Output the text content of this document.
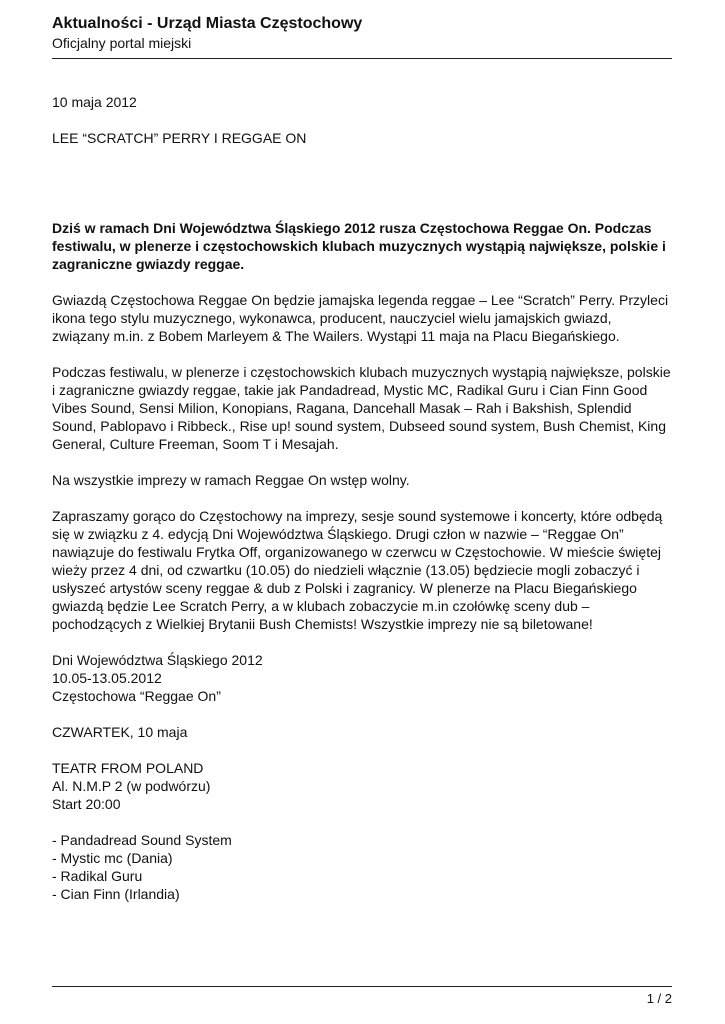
Aktualności - Urząd Miasta Częstochowy

Oficjalny portal miejski

10 maja 2012

LEE “SCRATCH” PERRY I REGGAE ON

Dziś w ramach Dni Województwa Śląskiego 2012 rusza Częstochowa Reggae On. Podczas festiwalu, w plenerze i częstochowskich klubach muzycznych wystąpią największe, polskie i zagraniczne gwiazdy reggae.

Gwiazdą Częstochowa Reggae On będzie jamajska legenda reggae – Lee “Scratch” Perry. Przyleci ikona tego stylu muzycznego, wykonawca, producent, nauczyciel wielu jamajskich gwiazd, związany m.in. z Bobem Marleyem & The Wailers. Wystąpi 11 maja na Placu Biegańskiego.

Podczas festiwalu, w plenerze i częstochowskich klubach muzycznych wystąpią największe, polskie i zagraniczne gwiazdy reggae, takie jak Pandadread, Mystic MC, Radikal Guru i Cian Finn Good Vibes Sound, Sensi Milion, Konopians, Ragana, Dancehall Masak – Rah i Bakshish, Splendid Sound, Pablopavo i Ribbeck., Rise up! sound system, Dubseed sound system, Bush Chemist, King General, Culture Freeman, Soom T i Mesajah.

Na wszystkie imprezy w ramach Reggae On wstęp wolny.

Zapraszamy gorąco do Częstochowy na imprezy, sesje sound systemowe i koncerty, które odbędą się w związku z 4. edycją Dni Województwa Śląskiego. Drugi człon w nazwie – “Reggae On” nawiązuje do festiwalu Frytka Off, organizowanego w czerwcu w Częstochowie. W mieście świętej wieży przez 4 dni, od czwartku (10.05) do niedzieli włącznie (13.05) będziecie mogli zobaczyć i usłyszeć artystów sceny reggae & dub z Polski i zagranicy. W plenerze na Placu Biegańskiego gwiazdą będzie Lee Scratch Perry, a w klubach zobaczycie m.in czołówkę sceny dub – pochodzących z Wielkiej Brytanii Bush Chemists! Wszystkie imprezy nie są biletowane!

Dni Województwa Śląskiego 2012
10.05-13.05.2012
Częstochowa “Reggae On”

CZWARTEK, 10 maja

TEATR FROM POLAND
Al. N.M.P 2 (w podwórzu)
Start 20:00

- Pandadread Sound System
- Mystic mc (Dania)
- Radikal Guru
- Cian Finn (Irlandia)

1 / 2
